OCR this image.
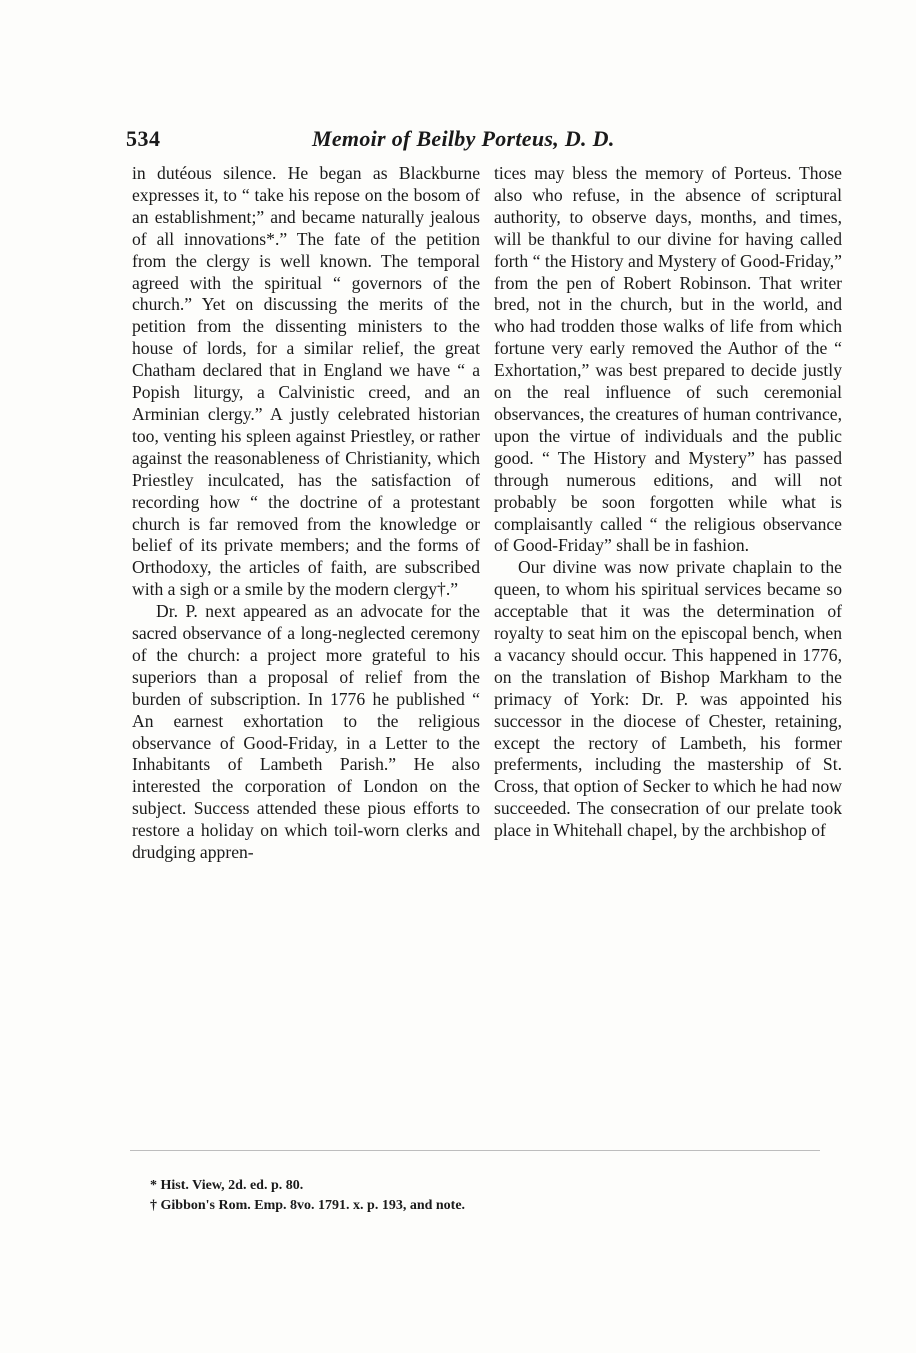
534	Memoir of Beilby Porteus, D. D.

in dutéous silence. He began as Blackburne expresses it, to “ take his repose on the bosom of an establishment;” and became naturally jealous of all innovations*.” The fate of the petition from the clergy is well known. The temporal agreed with the spiritual “ governors of the church.” Yet on discussing the merits of the petition from the dissenting ministers to the house of lords, for a similar relief, the great Chatham declared that in England we have “ a Popish liturgy, a Calvinistic creed, and an Arminian clergy.” A justly celebrated historian too, venting his spleen against Priestley, or rather against the reasonableness of Christianity, which Priestley inculcated, has the satisfaction of recording how “ the doctrine of a protestant church is far removed from the knowledge or belief of its private members; and the forms of Orthodoxy, the articles of faith, are subscribed with a sigh or a smile by the modern clergy†.”

Dr. P. next appeared as an advocate for the sacred observance of a long-neglected ceremony of the church: a project more grateful to his superiors than a proposal of relief from the burden of subscription. In 1776 he published “ An earnest exhortation to the religious observance of Good-Friday, in a Letter to the Inhabitants of Lambeth Parish.” He also interested the corporation of London on the subject. Success attended these pious efforts to restore a holiday on which toil-worn clerks and drudging appren-

tices may bless the memory of Porteus. Those also who refuse, in the absence of scriptural authority, to observe days, months, and times, will be thankful to our divine for having called forth “ the History and Mystery of Good-Friday,” from the pen of Robert Robinson. That writer bred, not in the church, but in the world, and who had trodden those walks of life from which fortune very early removed the Author of the “ Exhortation,” was best prepared to decide justly on the real influence of such ceremonial observances, the creatures of human contrivance, upon the virtue of individuals and the public good. “ The History and Mystery” has passed through numerous editions, and will not probably be soon forgotten while what is complaisantly called “ the religious observance of Good-Friday” shall be in fashion.

Our divine was now private chaplain to the queen, to whom his spiritual services became so acceptable that it was the determination of royalty to seat him on the episcopal bench, when a vacancy should occur. This happened in 1776, on the translation of Bishop Markham to the primacy of York: Dr. P. was appointed his successor in the diocese of Chester, retaining, except the rectory of Lambeth, his former preferments, including the mastership of St. Cross, that option of Secker to which he had now succeeded. The consecration of our prelate took place in Whitehall chapel, by the archbishop of

* Hist. View, 2d. ed. p. 80.
† Gibbon's Rom. Emp. 8vo. 1791. x. p. 193, and note.
